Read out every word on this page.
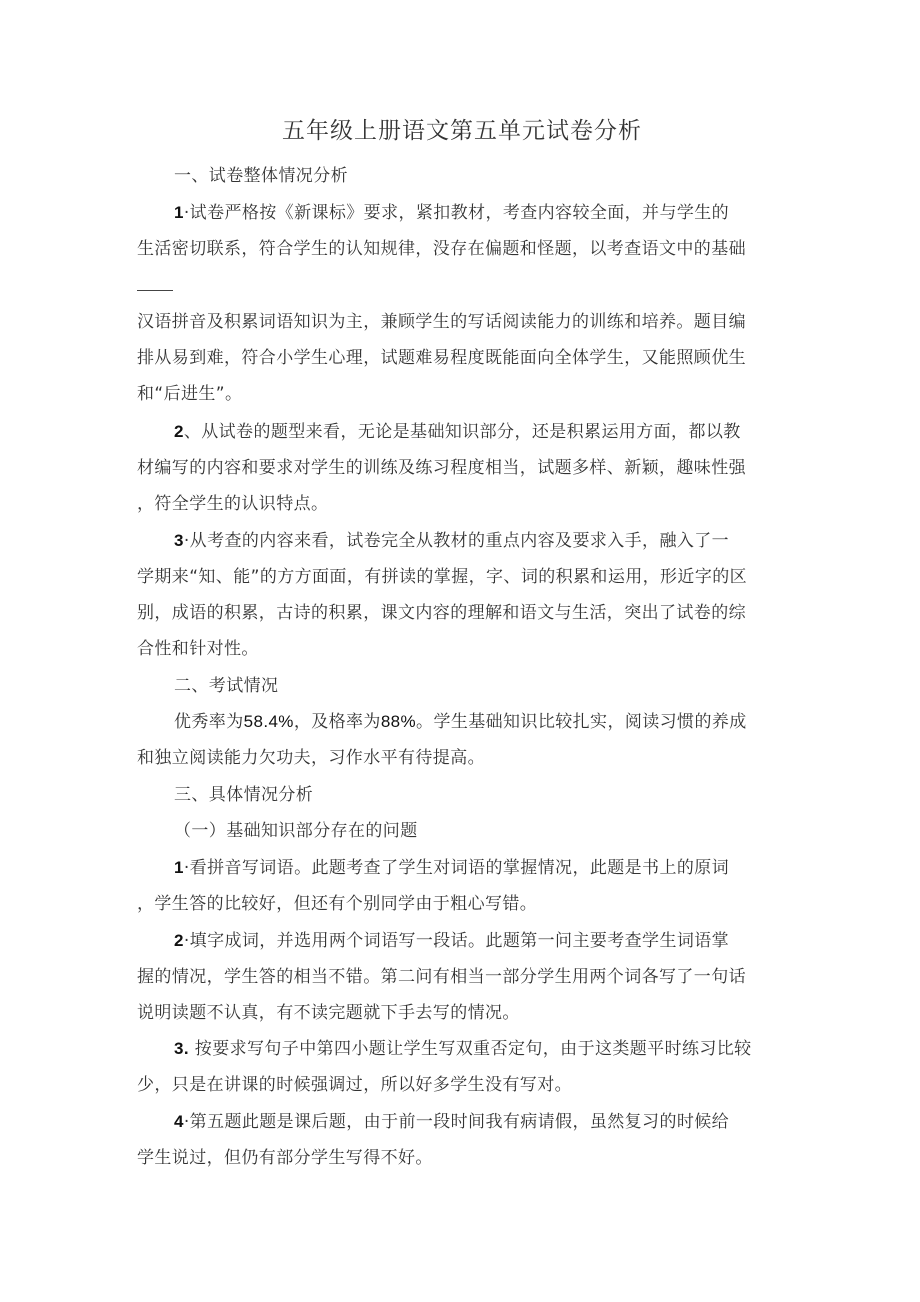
五年级上册语文第五单元试卷分析
一、试卷整体情况分析
1·试卷严格按《新课标》要求，紧扣教材，考查内容较全面，并与学生的
生活密切联系，符合学生的认知规律，没存在偏题和怪题，以考查语文中的基础
汉语拼音及积累词语知识为主，兼顾学生的写话阅读能力的训练和培养。题目编
排从易到难，符合小学生心理，试题难易程度既能面向全体学生，又能照顾优生
和“后进生”。
2、从试卷的题型来看，无论是基础知识部分，还是积累运用方面，都以教
材编写的内容和要求对学生的训练及练习程度相当，试题多样、新颖，趣味性强
，符全学生的认识特点。
3·从考查的内容来看，试卷完全从教材的重点内容及要求入手，融入了一
学期来“知、能”的方方面面，有拼读的掌握，字、词的积累和运用，形近字的区
别，成语的积累，古诗的积累，课文内容的理解和语文与生活，突出了试卷的综
合性和针对性。
二、考试情况
优秀率为58.4%，及格率为88%。学生基础知识比较扎实，阅读习惯的养成
和独立阅读能力欠功夫，习作水平有待提高。
三、具体情况分析
（一）基础知识部分存在的问题
1·看拼音写词语。此题考查了学生对词语的掌握情况，此题是书上的原词
，学生答的比较好，但还有个别同学由于粗心写错。
2·填字成词，并选用两个词语写一段话。此题第一问主要考查学生词语掌
握的情况，学生答的相当不错。第二问有相当一部分学生用两个词各写了一句话
说明读题不认真，有不读完题就下手去写的情况。
3. 按要求写句子中第四小题让学生写双重否定句，由于这类题平时练习比较
少，只是在讲课的时候强调过，所以好多学生没有写对。
4·第五题此题是课后题，由于前一段时间我有病请假，虽然复习的时候给
学生说过，但仍有部分学生写得不好。
